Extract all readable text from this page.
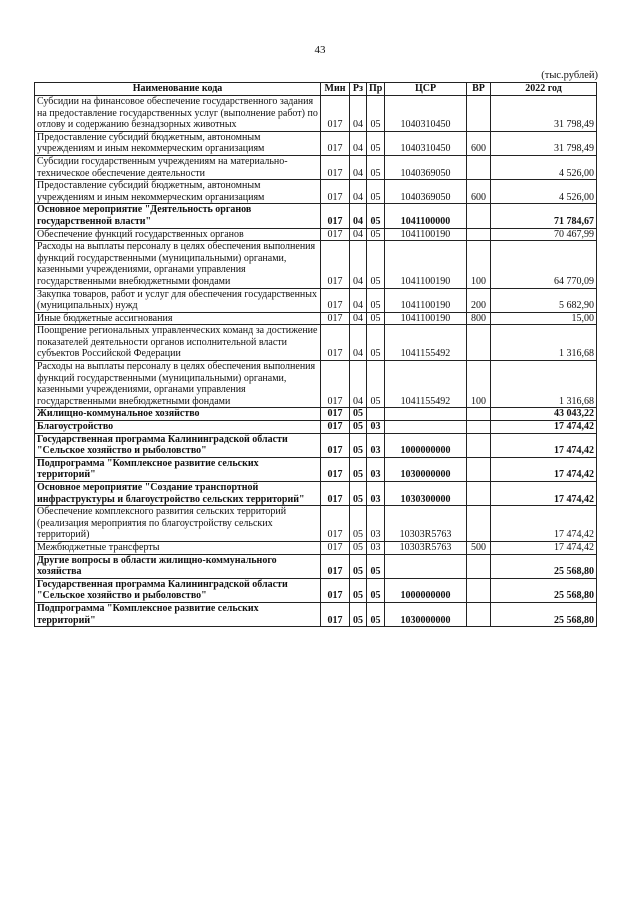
43
(тыс.рублей)
Наименование кода	Мин	Рз	Пр	ЦСР	ВР	2022 год
Субсидии на финансовое обеспечение государственного задания на предоставление государственных услуг (выполнение работ) по отлову и содержанию безнадзорных животных	017	04	05	1040310450		31 798,49
Предоставление субсидий бюджетным, автономным учреждениям и иным некоммерческим организациям	017	04	05	1040310450	600	31 798,49
Субсидии государственным учреждениям на материально-техническое обеспечение деятельности	017	04	05	1040369050		4 526,00
Предоставление субсидий бюджетным, автономным учреждениям и иным некоммерческим организациям	017	04	05	1040369050	600	4 526,00
Основное мероприятие "Деятельность органов государственной власти"	017	04	05	1041100000		71 784,67
Обеспечение функций государственных органов	017	04	05	1041100190		70 467,99
Расходы на выплаты персоналу в целях обеспечения выполнения функций государственными (муниципальными) органами, казенными учреждениями, органами управления государственными внебюджетными фондами	017	04	05	1041100190	100	64 770,09
Закупка товаров, работ и услуг для обеспечения государственных (муниципальных) нужд	017	04	05	1041100190	200	5 682,90
Иные бюджетные ассигнования	017	04	05	1041100190	800	15,00
Поощрение региональных управленческих команд за достижение показателей деятельности органов исполнительной власти субъектов Российской Федерации	017	04	05	1041155492		1 316,68
Расходы на выплаты персоналу в целях обеспечения выполнения функций государственными (муниципальными) органами, казенными учреждениями, органами управления государственными внебюджетными фондами	017	04	05	1041155492	100	1 316,68
Жилищно-коммунальное хозяйство	017	05				43 043,22
Благоустройство	017	05	03			17 474,42
Государственная программа Калининградской области "Сельское хозяйство и рыболовство"	017	05	03	1000000000		17 474,42
Подпрограмма "Комплексное развитие сельских территорий"	017	05	03	1030000000		17 474,42
Основное мероприятие "Создание транспортной инфраструктуры и благоустройство сельских территорий"	017	05	03	1030300000		17 474,42
Обеспечение комплексного развития сельских территорий (реализация мероприятия по благоустройству сельских территорий)	017	05	03	10303R5763		17 474,42
Межбюджетные трансферты	017	05	03	10303R5763	500	17 474,42
Другие вопросы в области жилищно-коммунального хозяйства	017	05	05			25 568,80
Государственная программа Калининградской области "Сельское хозяйство и рыболовство"	017	05	05	1000000000		25 568,80
Подпрограмма "Комплексное развитие сельских территорий"	017	05	05	1030000000		25 568,80
